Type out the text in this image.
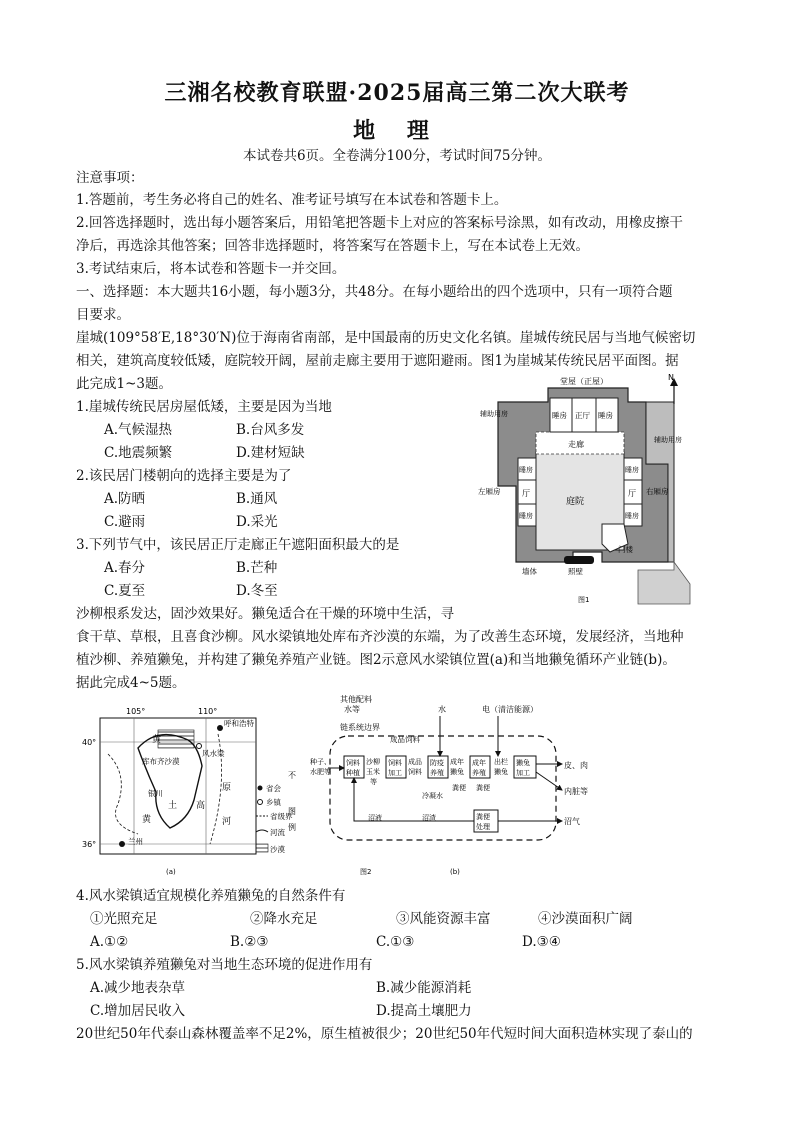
三湘名校教育联盟·2025届高三第二次大联考
地 理
本试卷共6页。全卷满分100分，考试时间75分钟。
注意事项：
1.答题前，考生务必将自己的姓名、准考证号填写在本试卷和答题卡上。
2.回答选择题时，选出每小题答案后，用铅笔把答题卡上对应的答案标号涂黑，如有改动，用橡皮擦干
净后，再选涂其他答案；回答非选择题时，将答案写在答题卡上，写在本试卷上无效。
3.考试结束后，将本试卷和答题卡一并交回。
一、选择题：本大题共16小题，每小题3分，共48分。在每小题给出的四个选项中，只有一项符合题
目要求。
崖城(109°58′E,18°30′N)位于海南省南部，是中国最南的历史文化名镇。崖城传统民居与当地气候密切
相关，建筑高度较低矮，庭院较开阔，屋前走廊主要用于遮阳避雨。图1为崖城某传统民居平面图。据
此完成1~3题。
1.崖城传统民居房屋低矮，主要是因为当地
A.气候湿热	B.台风多发
C.地震频繁	D.建材短缺
2.该民居门楼朝向的选择主要是为了
A.防晒	B.通风
C.避雨	D.采光
3.下列节气中，该民居正厅走廊正午遮阳面积最大的是
A.春分	B.芒种
C.夏至	D.冬至
N
堂屋（正屋）
睡房 正厅 睡房
走廊
庭院
睡房
厅
睡房
睡房
厅
睡房
辅助用房
辅助用房
左厢房	右厢房
门楼
墙体	照壁
图1
沙柳根系发达，固沙效果好。獭兔适合在干燥的环境中生活，寻
食干草、草根，且喜食沙柳。风水梁镇地处库布齐沙漠的东端，为了改善生态环境，发展经济，当地种
植沙柳、养殖獭兔，并构建了獭兔养殖产业链。图2示意风水梁镇位置(a)和当地獭兔循环产业链(b)。
据此完成4~5题。
105°	110°
40°
36°
呼和浩特
兰州
库布齐沙漠
风水梁
黄
土 高
原
银川
黄	河
(a)
不
图
例
省会
乡镇
省级界
河流
沙漠
其他配料
水等	水	电（清洁能源）
链系统边界
成品饲料
种子、
水肥等
饲料
种植
沙柳
玉米
等
饲料
加工
成品
饲料
防疫
养殖
成年
獭兔
成年
养殖
出栏
獭兔
獭兔
加工
皮、肉
内脏等
冷凝水
粪便 粪便
粪便
处理
沼液	沼渣	沼气
图2	(b)
4.风水梁镇适宜规模化养殖獭兔的自然条件有
①光照充足	②降水充足	③风能资源丰富	④沙漠面积广阔
A.①②	B.②③	C.①③	D.③④
5.风水梁镇养殖獭兔对当地生态环境的促进作用有
A.减少地表杂草	B.减少能源消耗
C.增加居民收入	D.提高土壤肥力
20世纪50年代泰山森林覆盖率不足2%，原生植被很少；20世纪50年代短时间大面积造林实现了泰山的
